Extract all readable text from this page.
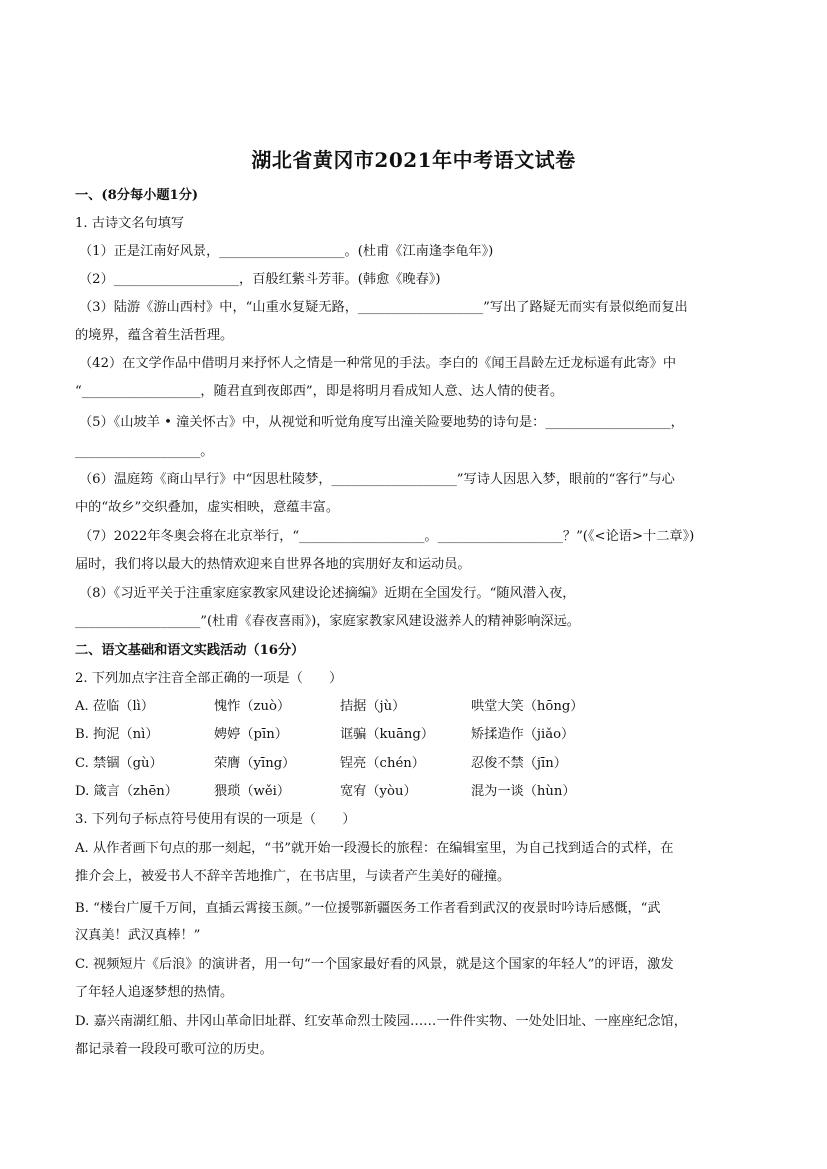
湖北省黄冈市2021年中考语文试卷
一、(8分每小题1分)
1. 古诗文名句填写
（1）正是江南好风景，___________________。(杜甫《江南逢李龟年》)
（2）___________________，百般红紫斗芳菲。(韩愈《晚春》)
（3）陆游《游山西村》中，“山重水复疑无路，___________________”写出了路疑无而实有景似绝而复出
的境界，蕴含着生活哲理。
（42）在文学作品中借明月来抒怀人之情是一种常见的手法。李白的《闻王昌龄左迁龙标遥有此寄》中
“__________________，随君直到夜郎西”，即是将明月看成知人意、达人情的使者。
（5）《山坡羊 • 潼关怀古》中，从视觉和听觉角度写出潼关险要地势的诗句是：___________________，
___________________。
（6）温庭筠《商山早行》中“因思杜陵梦，___________________”写诗人因思入梦，眼前的“客行”与心
中的“故乡”交织叠加，虚实相映，意蕴丰富。
（7）2022年冬奥会将在北京举行，“___________________。___________________？”(《<论语>十二章》)
届时，我们将以最大的热情欢迎来自世界各地的宾朋好友和运动员。
（8）《习近平关于注重家庭家教家风建设论述摘编》近期在全国发行。“随风潜入夜，
___________________”(杜甫《春夜喜雨》)，家庭家教家风建设滋养人的精神影响深远。
二、语文基础和语文实践活动（16分）
2. 下列加点字注音全部正确的一项是（　　）
A. 莅临（lì）	愧怍（zuò）	拮据（jù）	哄堂大笑（hōng）
B. 拘泥（nì）	娉婷（pīn）	诓骗（kuāng）	矫揉造作（jiǎo）
C. 禁锢（gù）	荣膺（yīng）	锃亮（chén）	忍俊不禁（jīn）
D. 箴言（zhēn）	猥琐（wěi）	宽宥（yòu）	混为一谈（hùn）
3. 下列句子标点符号使用有误的一项是（　　）
A. 从作者画下句点的那一刻起，“书”就开始一段漫长的旅程：在编辑室里，为自己找到适合的式样，在
推介会上，被爱书人不辞辛苦地推广，在书店里，与读者产生美好的碰撞。
B. “楼台广厦千万间，直插云霄接玉颜。”一位援鄂新疆医务工作者看到武汉的夜景时吟诗后感慨，“武
汉真美！武汉真棒！”
C. 视频短片《后浪》的演讲者，用一句“一个国家最好看的风景，就是这个国家的年轻人”的评语，激发
了年轻人追逐梦想的热情。
D. 嘉兴南湖红船、井冈山革命旧址群、红安革命烈士陵园……一件件实物、一处处旧址、一座座纪念馆，
都记录着一段段可歌可泣的历史。
